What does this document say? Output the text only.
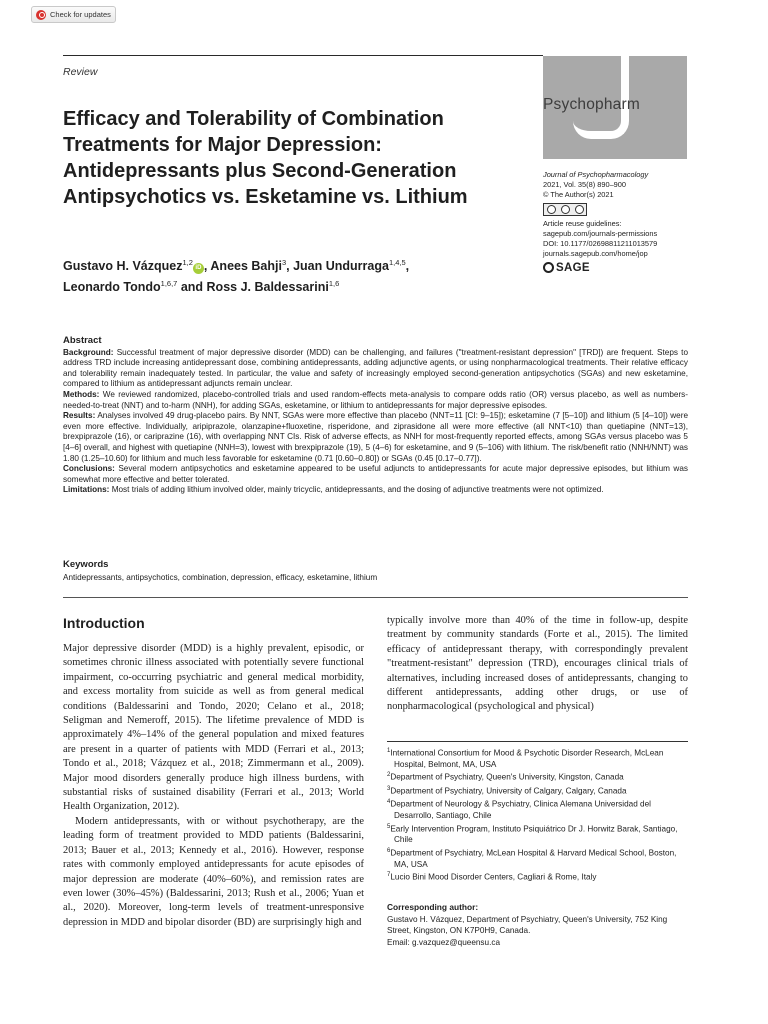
Check for updates
Review
Psychopharm
Efficacy and Tolerability of Combination Treatments for Major Depression: Antidepressants plus Second-Generation Antipsychotics vs. Esketamine vs. Lithium
Journal of Psychopharmacology
2021, Vol. 35(8) 890–900
© The Author(s) 2021
Article reuse guidelines:
sagepub.com/journals-permissions
DOI: 10.1177/02698811211013579
journals.sagepub.com/home/jop
SAGE
Gustavo H. Vázquez$^{1,2}$iD , Anees Bahji$^3$, Juan Undurraga$^{1,4,5}$,
Leonardo Tondo$^{1,6,7}$ and Ross J. Baldessarini$^{1,6}$
Abstract

Background: Successful treatment of major depressive disorder (MDD) can be challenging, and failures ("treatment-resistant depression" [TRD]) are frequent. Steps to address TRD include increasing antidepressant dose, combining antidepressants, adding adjunctive agents, or using nonpharmacological treatments. Their relative efficacy and tolerability remain inadequately tested. In particular, the value and safety of increasingly employed second-generation antipsychotics (SGAs) and new esketamine, compared to lithium as antidepressant adjuncts remain unclear.

Methods: We reviewed randomized, placebo-controlled trials and used random-effects meta-analysis to compare odds ratio (OR) versus placebo, as well as numbers-needed-to-treat (NNT) and to-harm (NNH), for adding SGAs, esketamine, or lithium to antidepressants for major depressive episodes.

Results: Analyses involved 49 drug-placebo pairs. By NNT, SGAs were more effective than placebo (NNT=11 [CI: 9–15]); esketamine (7 [5–10]) and lithium (5 [4–10]) were even more effective. Individually, aripiprazole, olanzapine+fluoxetine, risperidone, and ziprasidone all were more effective (all NNT<10) than quetiapine (NNT=13), brexpiprazole (16), or cariprazine (16), with overlapping NNT CIs. Risk of adverse effects, as NNH for most-frequently reported effects, among SGAs versus placebo was 5 [4–6] overall, and highest with quetiapine (NNH=3), lowest with brexpiprazole (19), 5 (4–6) for esketamine, and 9 (5–106) with lithium. The risk/benefit ratio (NNH/NNT) was 1.80 (1.25–10.60) for lithium and much less favorable for esketamine (0.71 [0.60–0.80]) or SGAs (0.45 [0.17–0.77]).

Conclusions: Several modern antipsychotics and esketamine appeared to be useful adjuncts to antidepressants for acute major depressive episodes, but lithium was somewhat more effective and better tolerated.

Limitations: Most trials of adding lithium involved older, mainly tricyclic, antidepressants, and the dosing of adjunctive treatments were not optimized.

Keywords
Antidepressants, antipsychotics, combination, depression, efficacy, esketamine, lithium
Introduction

Major depressive disorder (MDD) is a highly prevalent, episodic, or sometimes chronic illness associated with potentially severe functional impairment, co-occurring psychiatric and general medical morbidity, and excess mortality from suicide as well as from general medical conditions (Baldessarini and Tondo, 2020; Celano et al., 2018; Seligman and Nemeroff, 2015). The lifetime prevalence of MDD is approximately 4%–14% of the general population and mixed features are present in a quarter of patients with MDD (Ferrari et al., 2013; Tondo et al., 2018; Vázquez et al., 2018; Zimmermann et al., 2009). Major mood disorders generally produce high illness burdens, with substantial risks of sustained disability (Ferrari et al., 2013; World Health Organization, 2012).

Modern antidepressants, with or without psychotherapy, are the leading form of treatment provided to MDD patients (Baldessarini, 2013; Bauer et al., 2013; Kennedy et al., 2016). However, response rates with commonly employed antidepressants for acute episodes of major depression are moderate (40%–60%), and remission rates are even lower (30%–45%) (Baldessarini, 2013; Rush et al., 2006; Yuan et al., 2020). Moreover, long-term levels of treatment-unresponsive depression in MDD and bipolar disorder (BD) are surprisingly high and

typically involve more than 40% of the time in follow-up, despite treatment by community standards (Forte et al., 2015). The limited efficacy of antidepressant therapy, with correspondingly prevalent "treatment-resistant" depression (TRD), encourages clinical trials of alternatives, including increased doses of antidepressants, changing to different antidepressants, adding other drugs, or use of nonpharmacological (psychological and physical)

$^1$International Consortium for Mood & Psychotic Disorder Research, McLean Hospital, Belmont, MA, USA
$^2$Department of Psychiatry, Queen's University, Kingston, Canada
$^3$Department of Psychiatry, University of Calgary, Calgary, Canada
$^4$Department of Neurology & Psychiatry, Clinica Alemana Universidad del Desarrollo, Santiago, Chile
$^5$Early Intervention Program, Instituto Psiquiátrico Dr J. Horwitz Barak, Santiago, Chile
$^6$Department of Psychiatry, McLean Hospital & Harvard Medical School, Boston, MA, USA
$^7$Lucio Bini Mood Disorder Centers, Cagliari & Rome, Italy
Corresponding author:
Gustavo H. Vázquez, Department of Psychiatry, Queen's University, 752 King Street, Kingston, ON K7P0H9, Canada.
Email: g.vazquez@queensu.ca
